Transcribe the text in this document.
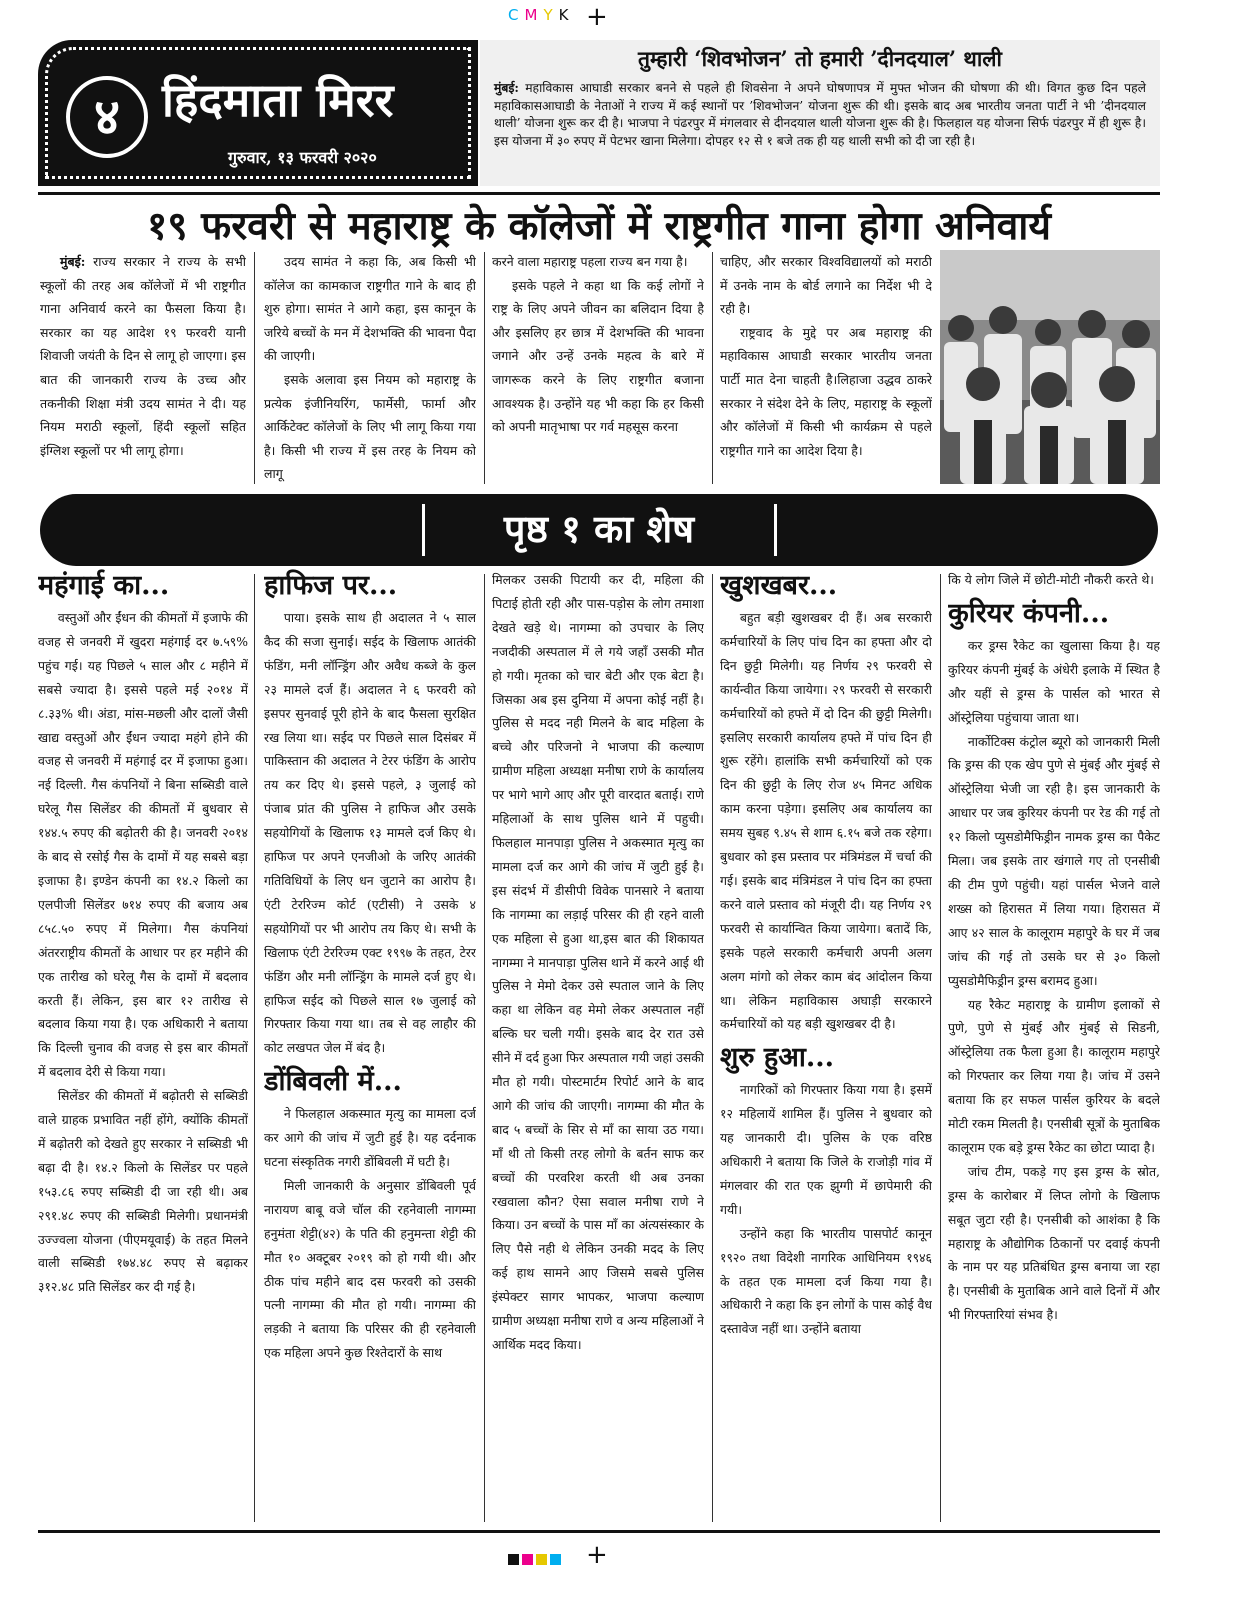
CMYK +
४ हिंदमाता मिरर
गुरुवार, १३ फरवरी २०२०
तुम्हारी ‘शिवभोजन’ तो हमारी ’दीनदयाल’ थाली

मुंबई: महाविकास आघाडी सरकार बनने से पहले ही शिवसेना ने अपने घोषणापत्र में मुफ्त भोजन की घोषणा की थी। विगत कुछ दिन पहले महाविकासआघाडी के नेताओं ने राज्य में कई स्थानों पर ’शिवभोजन’ योजना शुरू की थी। इसके बाद अब भारतीय जनता पार्टी ने भी ’दीनदयाल थाली’ योजना शुरू कर दी है। भाजपा ने पंढरपुर में मंगलवार से दीनदयाल थाली योजना शुरू की है। फिलहाल यह योजना सिर्फ पंढरपुर में ही शुरू है। इस योजना में ३० रुपए में पेटभर खाना मिलेगा। दोपहर १२ से १ बजे तक ही यह थाली सभी को दी जा रही है।

१९ फरवरी से महाराष्ट्र के कॉलेजों में राष्ट्रगीत गाना होगा अनिवार्य

मुंबई: राज्य सरकार ने राज्य के सभी स्कूलों की तरह अब कॉलेजों में भी राष्ट्रगीत गाना अनिवार्य करने का फैसला किया है। सरकार का यह आदेश १९ फरवरी यानी शिवाजी जयंती के दिन से लागू हो जाएगा। इस बात की जानकारी राज्य के उच्च और तकनीकी शिक्षा मंत्री उदय सामंत ने दी। यह नियम मराठी स्कूलों, हिंदी स्कूलों सहित इंग्लिश स्कूलों पर भी लागू होगा।

उदय सामंत ने कहा कि, अब किसी भी कॉलेज का कामकाज राष्ट्रगीत गाने के बाद ही शुरु होगा। सामंत ने आगे कहा, इस कानून के जरिये बच्चों के मन में देशभक्ति की भावना पैदा की जाएगी।

इसके अलावा इस नियम को महाराष्ट्र के प्रत्येक इंजीनियरिंग, फार्मेसी, फार्मा और आर्किटेक्ट कॉलेजों के लिए भी लागू किया गया है। किसी भी राज्य में इस तरह के नियम को लागू

करने वाला महाराष्ट्र पहला राज्य बन गया है।

इसके पहले ने कहा था कि कई लोगों ने राष्ट्र के लिए अपने जीवन का बलिदान दिया है और इसलिए हर छात्र में देशभक्ति की भावना जगाने और उन्हें उनके महत्व के बारे में जागरूक करने के लिए राष्ट्रगीत बजाना आवश्यक है। उन्होंने यह भी कहा कि हर किसी को अपनी मातृभाषा पर गर्व महसूस करना

चाहिए, और सरकार विश्वविद्यालयों को मराठी में उनके नाम के बोर्ड लगाने का निर्देश भी दे रही है।

राष्ट्रवाद के मुद्दे पर अब महाराष्ट्र की महाविकास आघाडी सरकार भारतीय जनता पार्टी मात देना चाहती है।लिहाजा उद्धव ठाकरे सरकार ने संदेश देने के लिए, महाराष्ट्र के स्कूलों और कॉलेजों में किसी भी कार्यक्रम से पहले राष्ट्रगीत गाने का आदेश दिया है।

पृष्ठ १ का शेष
महंगाई का...

वस्तुओं और ईंधन की कीमतों में इजाफे की वजह से जनवरी में खुदरा महंगाई दर ७.५९% पहुंच गई। यह पिछले ५ साल और ८ महीने में सबसे ज्यादा है। इससे पहले मई २०१४ में ८.३३% थी। अंडा, मांस-मछली और दालों जैसी खाद्य वस्तुओं और ईंधन ज्यादा महंगे होने की वजह से जनवरी में महंगाई दर में इजाफा हुआ। नई दिल्ली. गैस कंपनियों ने बिना सब्सिडी वाले घरेलू गैस सिलेंडर की कीमतों में बुधवार से १४४.५ रुपए की बढ़ोतरी की है। जनवरी २०१४ के बाद से रसोई गैस के दामों में यह सबसे बड़ा इजाफा है। इण्डेन कंपनी का १४.२ किलो का एलपीजी सिलेंडर ७१४ रुपए की बजाय अब ८५८.५० रुपए में मिलेगा। गैस कंपनियां अंतरराष्ट्रीय कीमतों के आधार पर हर महीने की एक तारीख को घरेलू गैस के दामों में बदलाव करती हैं। लेकिन, इस बार १२ तारीख से बदलाव किया गया है। एक अधिकारी ने बताया कि दिल्ली चुनाव की वजह से इस बार कीमतों में बदलाव देरी से किया गया।

सिलेंडर की कीमतों में बढ़ोतरी से सब्सिडी वाले ग्राहक प्रभावित नहीं होंगे, क्योंकि कीमतों में बढ़ोतरी को देखते हुए सरकार ने सब्सिडी भी बढ़ा दी है। १४.२ किलो के सिलेंडर पर पहले १५३.८६ रुपए सब्सिडी दी जा रही थी। अब २९१.४८ रुपए की सब्सिडी मिलेगी। प्रधानमंत्री उज्ज्वला योजना (पीएमयूवाई) के तहत मिलने वाली सब्सिडी १७४.४८ रुपए से बढ़ाकर ३१२.४८ प्रति सिलेंडर कर दी गई है।

हाफिज पर...

पाया। इसके साथ ही अदालत ने ५ साल कैद की सजा सुनाई। सईद के खिलाफ आतंकी फंडिंग, मनी लॉन्ड्रिंग और अवैध कब्जे के कुल २३ मामले दर्ज हैं। अदालत ने ६ फरवरी को इसपर सुनवाई पूरी होने के बाद फैसला सुरक्षित रख लिया था। सईद पर पिछले साल दिसंबर में पाकिस्तान की अदालत ने टेरर फंडिंग के आरोप तय कर दिए थे। इससे पहले, ३ जुलाई को पंजाब प्रांत की पुलिस ने हाफिज और उसके सहयोगियों के खिलाफ १३ मामले दर्ज किए थे। हाफिज पर अपने एनजीओ के जरिए आतंकी गतिविधियों के लिए धन जुटाने का आरोप है। एंटी टेररिज्म कोर्ट (एटीसी) ने उसके ४ सहयोगियों पर भी आरोप तय किए थे। सभी के खिलाफ एंटी टेररिज्म एक्ट १९९७ के तहत, टेरर फंडिंग और मनी लॉन्ड्रिंग के मामले दर्ज हुए थे। हाफिज सईद को पिछले साल १७ जुलाई को गिरफ्तार किया गया था। तब से वह लाहौर की कोट लखपत जेल में बंद है।

डोंबिवली में...

ने फिलहाल अकस्मात मृत्यु का मामला दर्ज कर आगे की जांच में जुटी हुई है। यह दर्दनाक घटना संस्कृतिक नगरी डोंबिवली में घटी है।

मिली जानकारी के अनुसार डोंबिवली पूर्व नारायण बाबू वजे चॉल की रहनेवाली नागम्मा हनुमंता शेट्टी(४२) के पति की हनुमन्ता शेट्टी की मौत १० अक्टूबर २०१९ को हो गयी थी। और ठीक पांच महीने बाद दस फरवरी को उसकी पत्नी नागम्मा की मौत हो गयी। नागम्मा की लड़की ने बताया कि परिसर की ही रहनेवाली एक महिला अपने कुछ रिश्तेदारों के साथ

मिलकर उसकी पिटायी कर दी, महिला की पिटाई होती रही और पास-पड़ोस के लोग तमाशा देखते खड़े थे। नागम्मा को उपचार के लिए नजदीकी अस्पताल में ले गये जहाँ उसकी मौत हो गयी। मृतका को चार बेटी और एक बेटा है। जिसका अब इस दुनिया में अपना कोई नहीं है। पुलिस से मदद नही मिलने के बाद महिला के बच्चे और परिजनो ने भाजपा की कल्याण ग्रामीण महिला अध्यक्षा मनीषा राणे के कार्यालय पर भागे भागे आए और पूरी वारदात बताई। राणे महिलाओं के साथ पुलिस थाने में पहुची। फिलहाल मानपाड़ा पुलिस ने अकस्मात मृत्यु का मामला दर्ज कर आगे की जांच में जुटी हुई है। इस संदर्भ में डीसीपी विवेक पानसारे ने बताया कि नागम्मा का लड़ाई परिसर की ही रहने वाली एक महिला से हुआ था,इस बात की शिकायत नागम्मा ने मानपाड़ा पुलिस थाने में करने आई थी पुलिस ने मेमो देकर उसे स्पताल जाने के लिए कहा था लेकिन वह मेमो लेकर अस्पताल नहीं बल्कि घर चली गयी। इसके बाद देर रात उसे सीने में दर्द हुआ फिर अस्पताल गयी जहां उसकी मौत हो गयी। पोस्टमार्टम रिपोर्ट आने के बाद आगे की जांच की जाएगी। नागम्मा की मौत के बाद ५ बच्चों के सिर से माँ का साया उठ गया। माँ थी तो किसी तरह लोगो के बर्तन साफ कर बच्चों की परवरिश करती थी अब उनका रखवाला कौन? ऐसा सवाल मनीषा राणे ने किया। उन बच्चों के पास माँ का अंत्यसंस्कार के लिए पैसे नही थे लेकिन उनकी मदद के लिए कई हाथ सामने आए जिसमे सबसे पुलिस इंस्पेक्टर सागर भापकर, भाजपा कल्याण ग्रामीण अध्यक्षा मनीषा राणे व अन्य महिलाओं ने आर्थिक मदद किया।

खुशखबर...

बहुत बड़ी खुशखबर दी हैं। अब सरकारी कर्मचारियों के लिए पांच दिन का हफ्ता और दो दिन छुट्टी मिलेगी। यह निर्णय २९ फरवरी से कार्यन्वीत किया जायेगा। २९ फरवरी से सरकारी कर्मचारियों को हफ्ते में दो दिन की छुट्टी मिलेगी। इसलिए सरकारी कार्यालय हफ्ते में पांच दिन ही शुरू रहेंगे। हालांकि सभी कर्मचारियों को एक दिन की छुट्टी के लिए रोज ४५ मिनट अधिक काम करना पड़ेगा। इसलिए अब कार्यालय का समय सुबह ९.४५ से शाम ६.१५ बजे तक रहेगा। बुधवार को इस प्रस्ताव पर मंत्रिमंडल में चर्चा की गई। इसके बाद मंत्रिमंडल ने पांच दिन का हफ्ता करने वाले प्रस्ताव को मंजूरी दी। यह निर्णय २९ फरवरी से कार्यान्वित किया जायेगा। बतादें कि, इसके पहले सरकारी कर्मचारी अपनी अलग अलग मांगो को लेकर काम बंद आंदोलन किया था। लेकिन महाविकास अघाड़ी सरकारने कर्मचारियों को यह बड़ी खुशखबर दी है।

शुरु हुआ...

नागरिकों को गिरफ्तार किया गया है। इसमें १२ महिलायें शामिल हैं। पुलिस ने बुधवार को यह जानकारी दी। पुलिस के एक वरिष्ठ अधिकारी ने बताया कि जिले के राजोड़ी गांव में मंगलवार की रात एक झुग्गी में छापेमारी की गयी।

उन्होंने कहा कि भारतीय पासपोर्ट कानून १९२० तथा विदेशी नागरिक आधिनियम १९४६ के तहत एक मामला दर्ज किया गया है। अधिकारी ने कहा कि इन लोगों के पास कोई वैध दस्तावेज नहीं था। उन्होंने बताया

कि ये लोग जिले में छोटी-मोटी नौकरी करते थे।

कुरियर कंपनी...

कर ड्रग्स रैकेट का खुलासा किया है। यह कुरियर कंपनी मुंबई के अंधेरी इलाके में स्थित है और यहीं से ड्रग्स के पार्सल को भारत से ऑस्ट्रेलिया पहुंचाया जाता था।

नार्कोटिक्स कंट्रोल ब्यूरो को जानकारी मिली कि ड्रग्स की एक खेप पुणे से मुंबई और मुंबई से ऑस्ट्रेलिया भेजी जा रही है। इस जानकारी के आधार पर जब कुरियर कंपनी पर रेड की गई तो १२ किलो प्युसडोमैफिड्रीन नामक ड्रग्स का पैकेट मिला। जब इसके तार खंगाले गए तो एनसीबी की टीम पुणे पहुंची। यहां पार्सल भेजने वाले शख्स को हिरासत में लिया गया। हिरासत में आए ४२ साल के कालूराम महापुरे के घर में जब जांच की गई तो उसके घर से ३० किलो प्युसडोमैफिड्रीन ड्रग्स बरामद हुआ।

यह रैकेट महाराष्ट्र के ग्रामीण इलाकों से पुणे, पुणे से मुंबई और मुंबई से सिडनी, ऑस्ट्रेलिया तक फैला हुआ है। कालूराम महापुरे को गिरफ्तार कर लिया गया है। जांच में उसने बताया कि हर सफल पार्सल कुरियर के बदले मोटी रकम मिलती है। एनसीबी सूत्रों के मुताबिक कालूराम एक बड़े ड्रग्स रैकेट का छोटा प्यादा है।

जांच टीम, पकड़े गए इस ड्रग्स के स्रोत, ड्रग्स के कारोबार में लिप्त लोगो के खिलाफ सबूत जुटा रही है। एनसीबी को आशंका है कि महाराष्ट्र के औद्योगिक ठिकानों पर दवाई कंपनी के नाम पर यह प्रतिबंधित ड्रग्स बनाया जा रहा है। एनसीबी के मुताबिक आने वाले दिनों में और भी गिरफ्तारियां संभव है।

+
